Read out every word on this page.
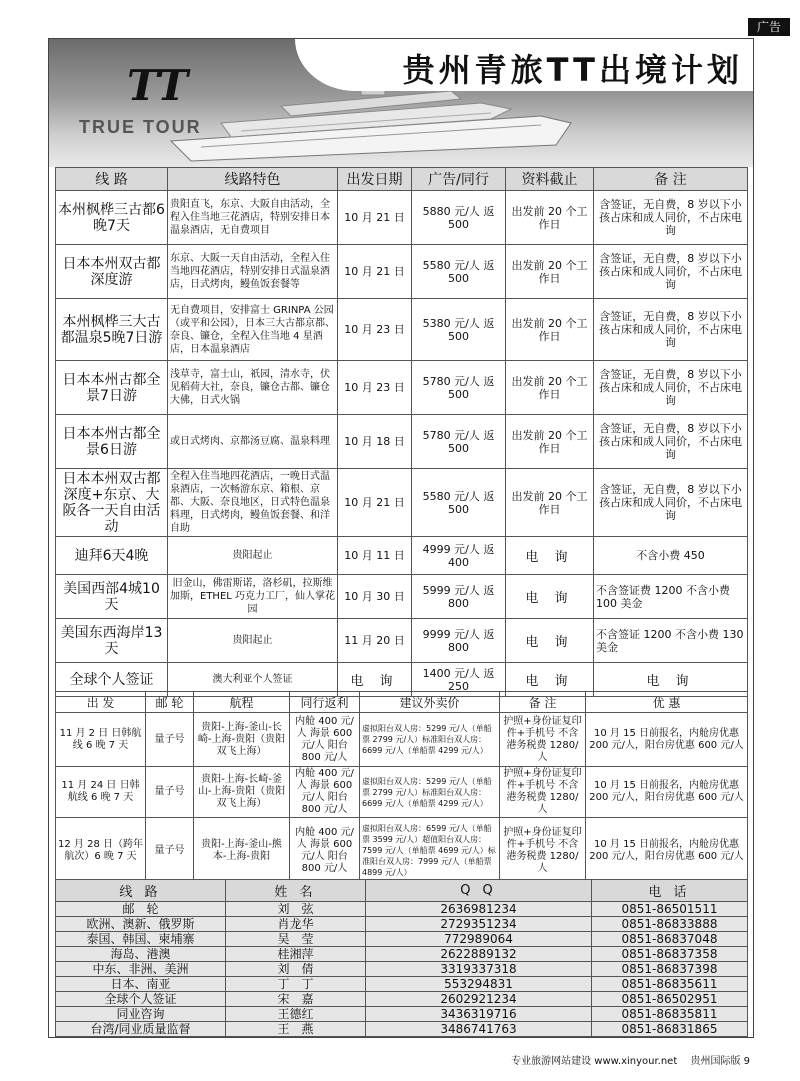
广告
TT
TRUE TOUR
贵州青旅TT出境计划
线 路	线路特色	出发日期	广告/同行	资料截止	备 注
本州枫桦三古都6晚7天	贵阳直飞，东京、大阪自由活动，全程入住当地三花酒店，特别安排日本温泉酒店，无自费项目	10 月 21 日	5880 元/人 返 500	出发前 20 个工作日	含签证，无自费，8 岁以下小孩占床和成人同价，不占床电询
日本本州双古都深度游	东京、大阪一天自由活动，全程入住当地四花酒店，特别安排日式温泉酒店，日式烤肉，鳗鱼饭套餐等	10 月 21 日	5580 元/人 返 500	出发前 20 个工作日	含签证，无自费，8 岁以下小孩占床和成人同价，不占床电询
本州枫桦三大古都温泉5晚7日游	无自费项目，安排富士 GRINPA 公园（或平和公园），日本三大古都京都、奈良、镰仓，全程入住当地 4 星酒店，日本温泉酒店	10 月 23 日	5380 元/人 返 500	出发前 20 个工作日	含签证，无自费，8 岁以下小孩占床和成人同价，不占床电询
日本本州古都全景7日游	浅草寺，富士山，祇园，清水寺，伏见稻荷大社，奈良，镰仓古都、镰仓大佛，日式火锅	10 月 23 日	5780 元/人 返 500	出发前 20 个工作日	含签证，无自费，8 岁以下小孩占床和成人同价，不占床电询
日本本州古都全景6日游	或日式烤肉、京都汤豆腐、温泉料理	10 月 18 日	5780 元/人 返 500	出发前 20 个工作日	含签证，无自费，8 岁以下小孩占床和成人同价，不占床电询
日本本州双古都深度+东京、大阪各一天自由活动	全程入住当地四花酒店，一晚日式温泉酒店，一次畅游东京、箱根、京都、大阪、奈良地区，日式特色温泉料理，日式烤肉，鳗鱼饭套餐、和洋自助	10 月 21 日	5580 元/人 返 500	出发前 20 个工作日	含签证，无自费，8 岁以下小孩占床和成人同价，不占床电询
迪拜6天4晚	贵阳起止	10 月 11 日	4999 元/人 返 400	电 询	不含小费 450
美国西部4城10天	旧金山，佛雷斯诺，洛杉矶，拉斯维加斯，ETHEL 巧克力工厂，仙人掌花园	10 月 30 日	5999 元/人 返 800	电 询	不含签证费 1200 不含小费 100 美金
美国东西海岸13天	贵阳起止	11 月 20 日	9999 元/人 返 800	电 询	不含签证 1200 不含小费 130 美金
全球个人签证	澳大利亚个人签证	电 询	1400 元/人 返 250	电 询	电 询
出 发	邮 轮	航程	同行返利	建议外卖价	备 注	优 惠
11 月 2 日 日韩航线 6 晚 7 天	量子号	贵阳-上海-釜山-长崎-上海-贵阳（贵阳双飞上海）	内舱 400 元/人 海景 600 元/人 阳台 800 元/人	虚拟阳台双人房：5299 元/人（单船票 2799 元/人）标准阳台双人房：6699 元/人（单船票 4299 元/人）	护照+身份证复印件+手机号 不含港务税费 1280/人	10 月 15 日前报名，内舱房优惠 200 元/人，阳台房优惠 600 元/人
11 月 24 日 日韩航线 6 晚 7 天	量子号	贵阳-上海-长崎-釜山-上海-贵阳（贵阳双飞上海）	内舱 400 元/人 海景 600 元/人 阳台 800 元/人	虚拟阳台双人房：5299 元/人（单船票 2799 元/人）标准阳台双人房：6699 元/人（单船票 4299 元/人）	护照+身份证复印件+手机号 不含港务税费 1280/人	10 月 15 日前报名，内舱房优惠 200 元/人，阳台房优惠 600 元/人
12 月 28 日（跨年航次）6 晚 7 天	量子号	贵阳-上海-釜山-熊本-上海-贵阳	内舱 400 元/人 海景 600 元/人 阳台 800 元/人	虚拟阳台双人房：6599 元/人（单船票 3599 元/人）超值阳台双人房：7599 元/人（单船票 4699 元/人）标准阳台双人房：7999 元/人（单船票 4899 元/人）	护照+身份证复印件+手机号 不含港务税费 1280/人	10 月 15 日前报名，内舱房优惠 200 元/人，阳台房优惠 600 元/人
线 路	姓 名	Q Q	电 话
邮　轮	刘　弦	2636981234	0851-86501511
欧洲、澳新、俄罗斯	肖龙华	2729351234	0851-86833888
泰国、韩国、柬埔寨	吴　莹	772989064	0851-86837048
海岛、港澳	桂湘萍	2622889132	0851-86837358
中东、非洲、美洲	刘　倩	3319337318	0851-86837398
日本、南亚	丁　丁	553294831	0851-86835611
全球个人签证	宋　嘉	2602921234	0851-86502951
同业咨询	王德红	3436319716	0851-86835811
台湾/同业质量监督	王　燕	3486741763	0851-86831865
专业旅游网站建设 www.xinyour.net 贵州国际版 9
